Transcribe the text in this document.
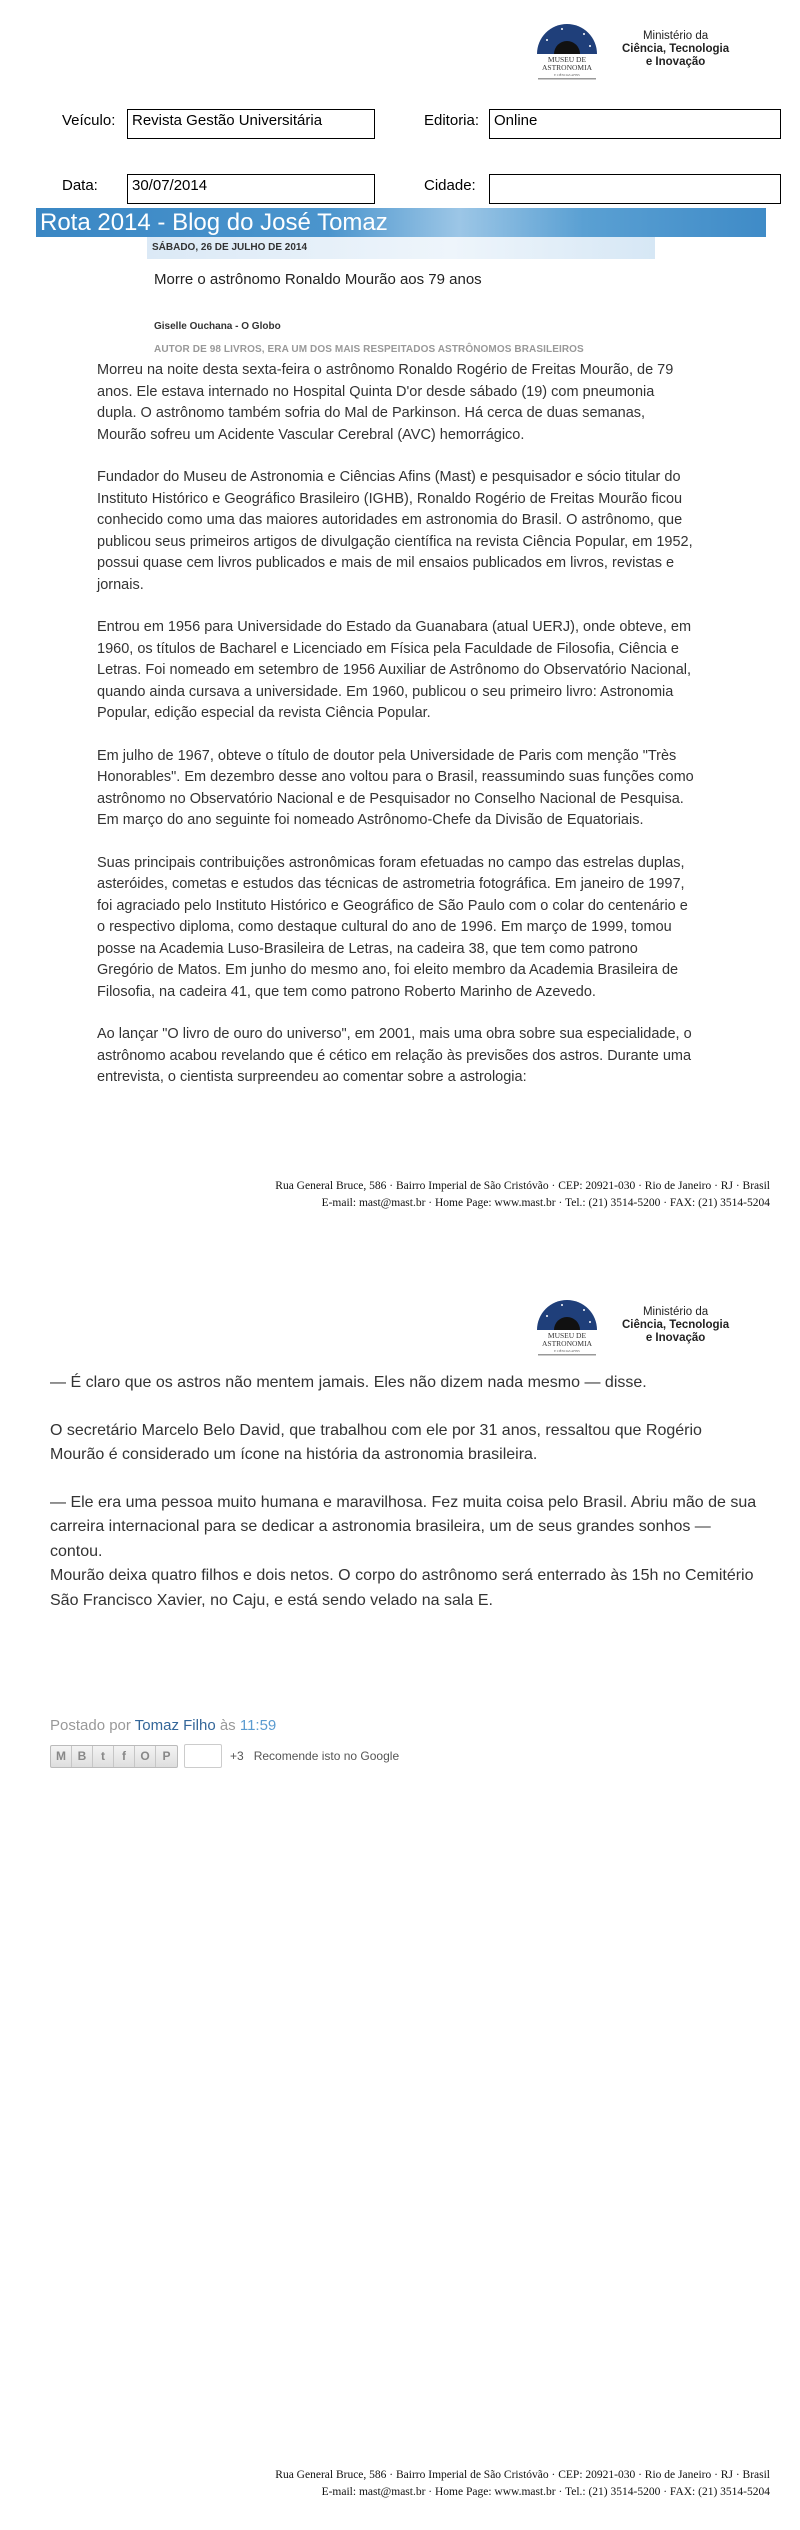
MUSEU DE
ASTRONOMIA
E CIÊNCIAS AFINS
Ministério da
Ciência, Tecnologia
e Inovação
Veículo:	Revista Gestão Universitária	Editoria: Online
Data:	30/07/2014	Cidade:
Rota 2014 - Blog do José Tomaz
SÁBADO, 26 DE JULHO DE 2014
Morre o astrônomo Ronaldo Mourão aos 79 anos
Giselle Ouchana - O Globo
AUTOR DE 98 LIVROS, ERA UM DOS MAIS RESPEITADOS ASTRÔNOMOS BRASILEIROS

Morreu na noite desta sexta-feira o astrônomo Ronaldo Rogério de Freitas Mourão, de 79 anos. Ele estava internado no Hospital Quinta D'or desde sábado (19) com pneumonia dupla. O astrônomo também sofria do Mal de Parkinson. Há cerca de duas semanas, Mourão sofreu um Acidente Vascular Cerebral (AVC) hemorrágico.

Fundador do Museu de Astronomia e Ciências Afins (Mast) e pesquisador e sócio titular do Instituto Histórico e Geográfico Brasileiro (IGHB), Ronaldo Rogério de Freitas Mourão ficou conhecido como uma das maiores autoridades em astronomia do Brasil. O astrônomo, que publicou seus primeiros artigos de divulgação científica na revista Ciência Popular, em 1952, possui quase cem livros publicados e mais de mil ensaios publicados em livros, revistas e jornais.

Entrou em 1956 para Universidade do Estado da Guanabara (atual UERJ), onde obteve, em 1960, os títulos de Bacharel e Licenciado em Física pela Faculdade de Filosofia, Ciência e Letras. Foi nomeado em setembro de 1956 Auxiliar de Astrônomo do Observatório Nacional, quando ainda cursava a universidade. Em 1960, publicou o seu primeiro livro: Astronomia Popular, edição especial da revista Ciência Popular.

Em julho de 1967, obteve o título de doutor pela Universidade de Paris com menção "Très Honorables". Em dezembro desse ano voltou para o Brasil, reassumindo suas funções como astrônomo no Observatório Nacional e de Pesquisador no Conselho Nacional de Pesquisa. Em março do ano seguinte foi nomeado Astrônomo-Chefe da Divisão de Equatoriais.

Suas principais contribuições astronômicas foram efetuadas no campo das estrelas duplas, asteróides, cometas e estudos das técnicas de astrometria fotográfica. Em janeiro de 1997, foi agraciado pelo Instituto Histórico e Geográfico de São Paulo com o colar do centenário e o respectivo diploma, como destaque cultural do ano de 1996. Em março de 1999, tomou posse na Academia Luso-Brasileira de Letras, na cadeira 38, que tem como patrono Gregório de Matos. Em junho do mesmo ano, foi eleito membro da Academia Brasileira de Filosofia, na cadeira 41, que tem como patrono Roberto Marinho de Azevedo.

Ao lançar "O livro de ouro do universo", em 2001, mais uma obra sobre sua especialidade, o astrônomo acabou revelando que é cético em relação às previsões dos astros. Durante uma entrevista, o cientista surpreendeu ao comentar sobre a astrologia:

Rua General Bruce, 586 · Bairro Imperial de São Cristóvão · CEP: 20921-030 · Rio de Janeiro · RJ · Brasil
E-mail: mast@mast.br · Home Page: www.mast.br · Tel.: (21) 3514-5200 · FAX: (21) 3514-5204
MUSEU DE
ASTRONOMIA
E CIÊNCIAS AFINS
Ministério da
Ciência, Tecnologia
e Inovação

— É claro que os astros não mentem jamais. Eles não dizem nada mesmo — disse.

O secretário Marcelo Belo David, que trabalhou com ele por 31 anos, ressaltou que Rogério Mourão é considerado um ícone na história da astronomia brasileira.

— Ele era uma pessoa muito humana e maravilhosa. Fez muita coisa pelo Brasil. Abriu mão de sua carreira internacional para se dedicar a astronomia brasileira, um de seus grandes sonhos — contou.

Mourão deixa quatro filhos e dois netos. O corpo do astrônomo será enterrado às 15h no Cemitério São Francisco Xavier, no Caju, e está sendo velado na sala E.

Postado por Tomaz Filho às 11:59
M B	t	f	O	P	+3 Recomende isto no Google
Rua General Bruce, 586 · Bairro Imperial de São Cristóvão · CEP: 20921-030 · Rio de Janeiro · RJ · Brasil
E-mail: mast@mast.br · Home Page: www.mast.br · Tel.: (21) 3514-5200 · FAX: (21) 3514-5204
